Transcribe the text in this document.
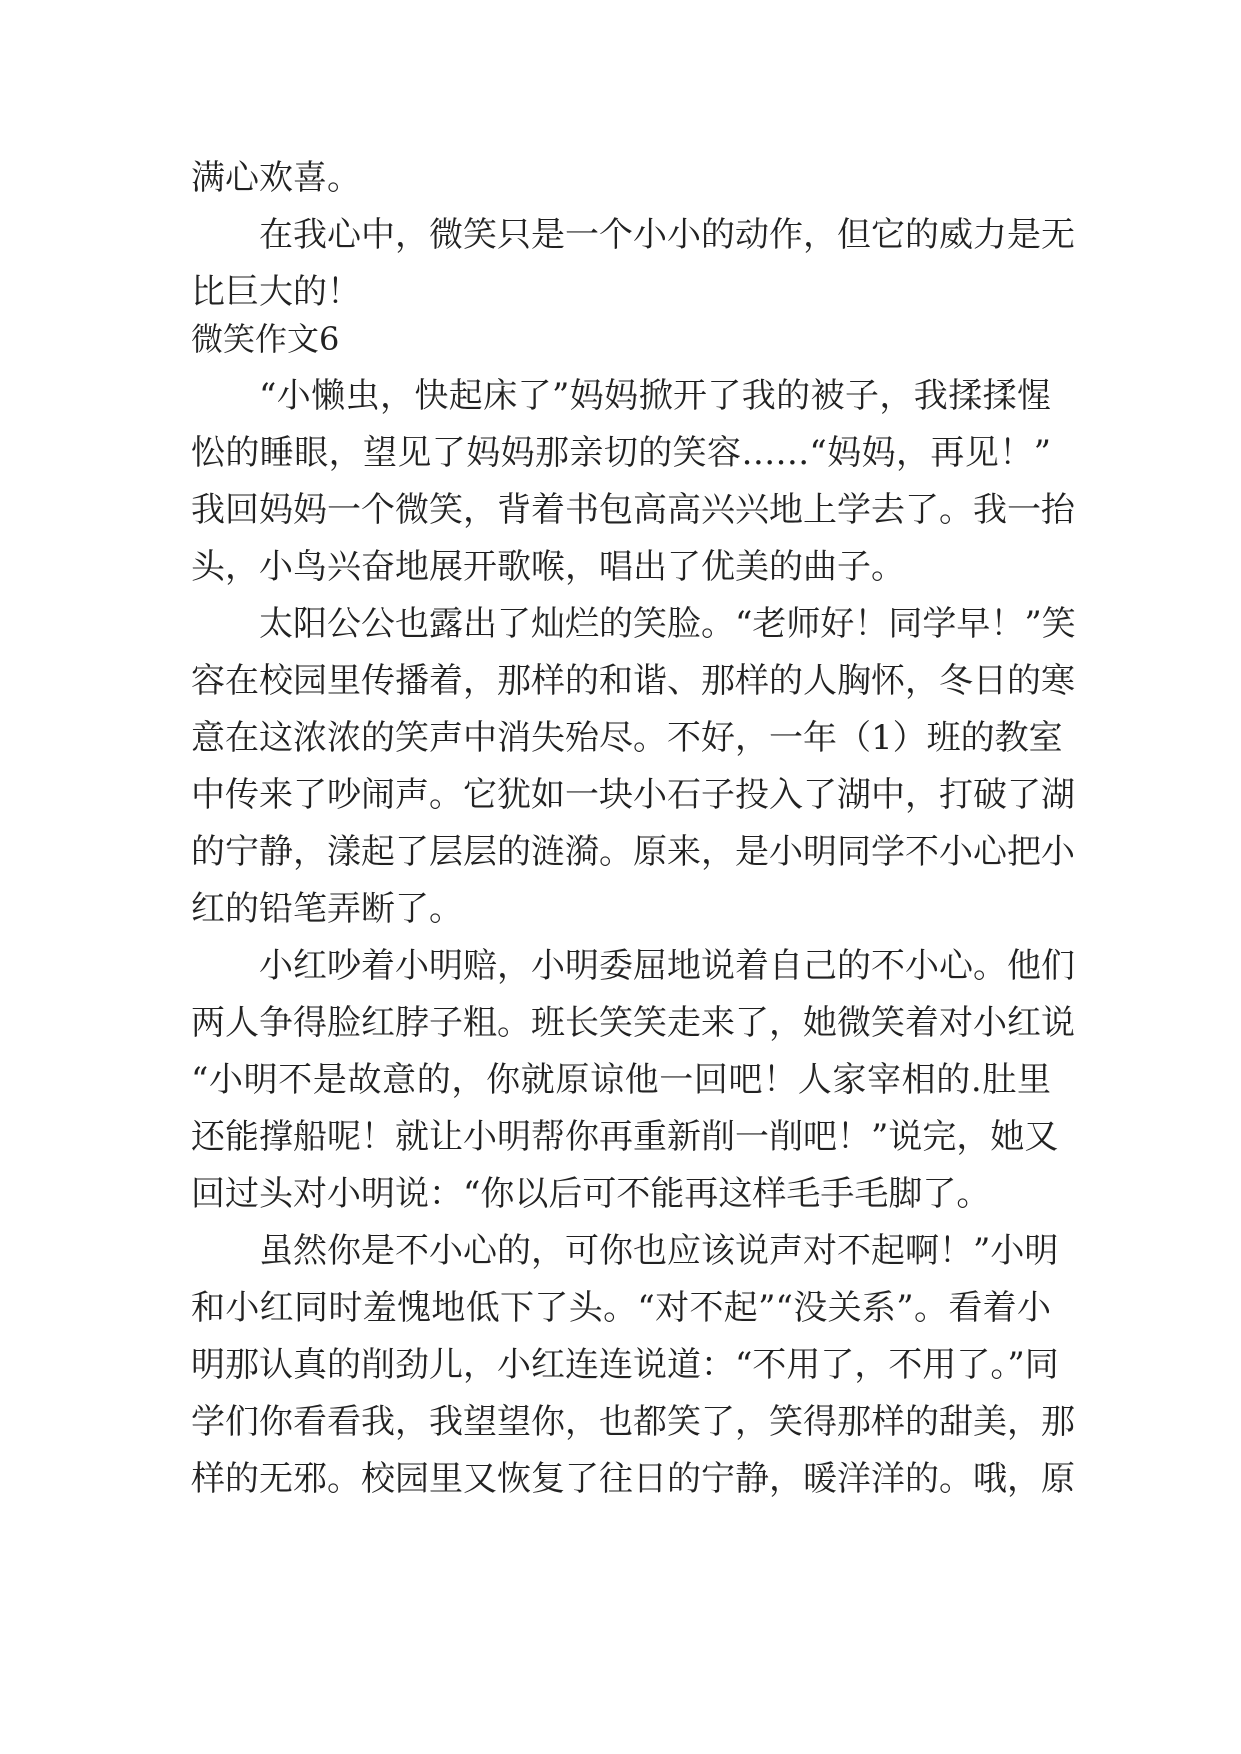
满心欢喜。
在我心中，微笑只是一个小小的动作，但它的威力是无
比巨大的！
微笑作文6
“小懒虫，快起床了”妈妈掀开了我的被子，我揉揉惺
忪的睡眼，望见了妈妈那亲切的笑容……“妈妈，再见！”
我回妈妈一个微笑，背着书包高高兴兴地上学去了。我一抬
头，小鸟兴奋地展开歌喉，唱出了优美的曲子。
太阳公公也露出了灿烂的笑脸。“老师好！同学早！”笑
容在校园里传播着，那样的和谐、那样的人胸怀，冬日的寒
意在这浓浓的笑声中消失殆尽。不好，一年（1）班的教室
中传来了吵闹声。它犹如一块小石子投入了湖中，打破了湖
的宁静，漾起了层层的涟漪。原来，是小明同学不小心把小
红的铅笔弄断了。
小红吵着小明赔，小明委屈地说着自己的不小心。他们
两人争得脸红脖子粗。班长笑笑走来了，她微笑着对小红说
“小明不是故意的，你就原谅他一回吧！人家宰相的.肚里
还能撑船呢！就让小明帮你再重新削一削吧！”说完，她又
回过头对小明说：“你以后可不能再这样毛手毛脚了。
虽然你是不小心的，可你也应该说声对不起啊！”小明
和小红同时羞愧地低下了头。“对不起”“没关系”。看着小
明那认真的削劲儿，小红连连说道：“不用了，不用了。”同
学们你看看我，我望望你，也都笑了，笑得那样的甜美，那
样的无邪。校园里又恢复了往日的宁静，暖洋洋的。哦，原
